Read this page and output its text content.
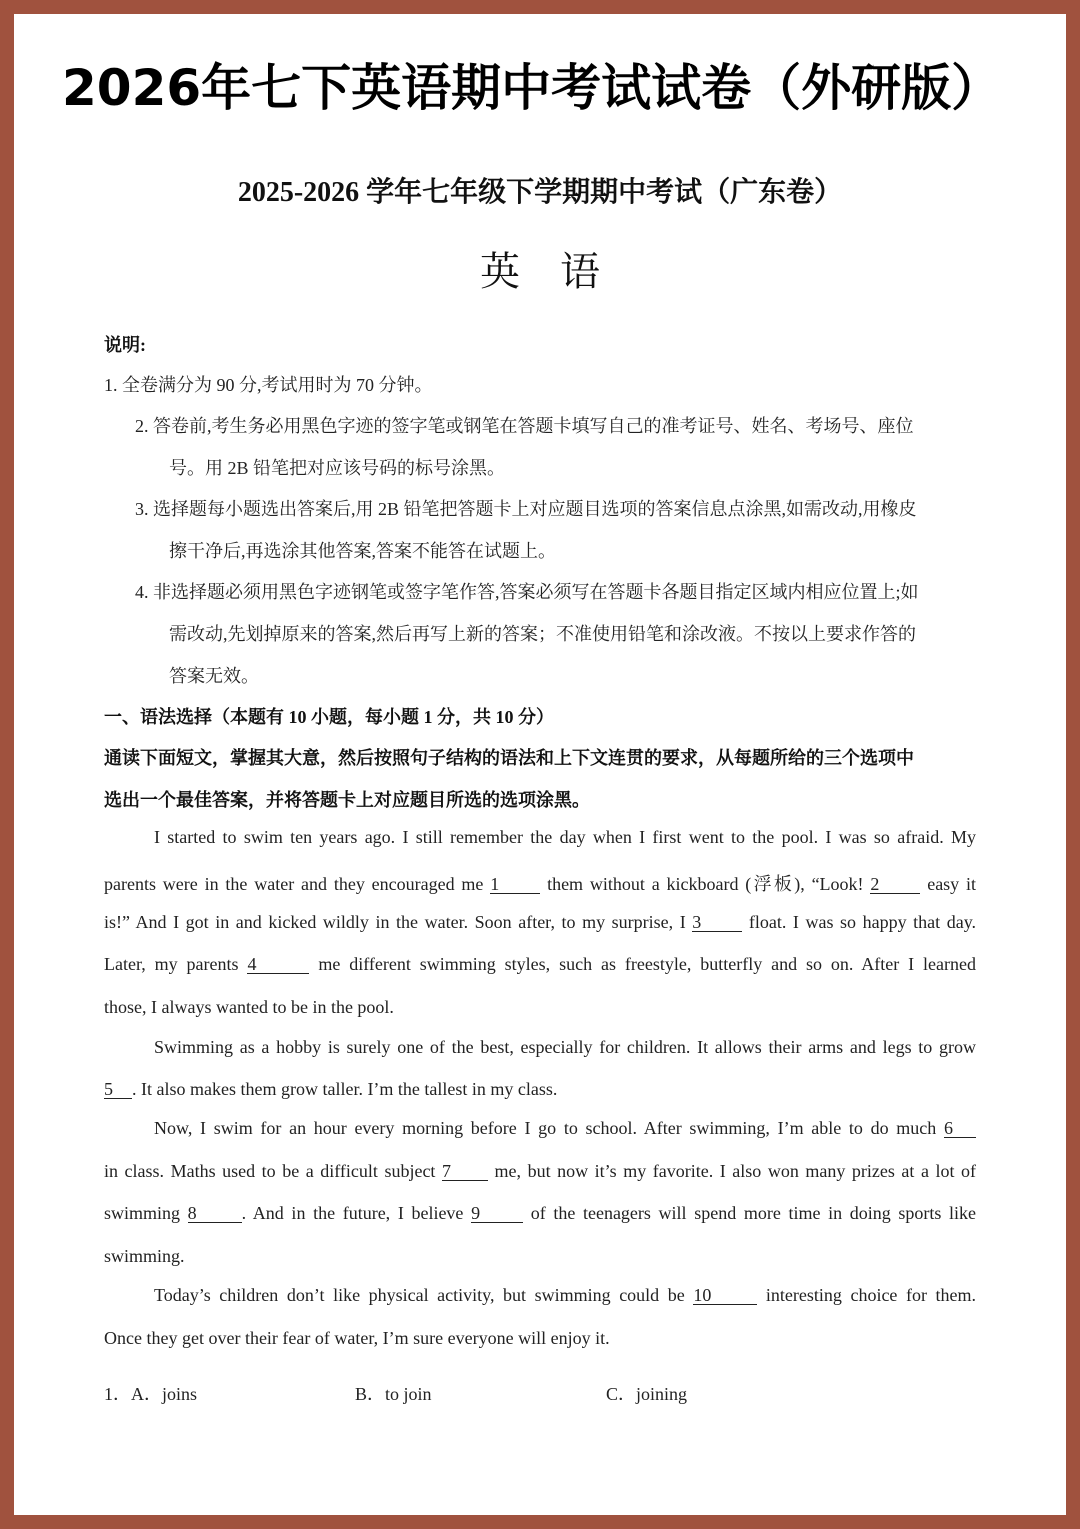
2026年七下英语期中考试试卷（外研版）
2025-2026 学年七年级下学期期中考试（广东卷）
英语
说明:
1. 全卷满分为 90 分,考试用时为 70 分钟。
2. 答卷前,考生务必用黑色字迹的签字笔或钢笔在答题卡填写自己的准考证号、姓名、考场号、座位
号。用 2B 铅笔把对应该号码的标号涂黑。
3. 选择题每小题选出答案后,用 2B 铅笔把答题卡上对应题目选项的答案信息点涂黑,如需改动,用橡皮
擦干净后,再选涂其他答案,答案不能答在试题上。
4. 非选择题必须用黑色字迹钢笔或签字笔作答,答案必须写在答题卡各题目指定区域内相应位置上;如
需改动,先划掉原来的答案,然后再写上新的答案；不准使用铅笔和涂改液。不按以上要求作答的
答案无效。
一、语法选择（本题有 10 小题，每小题 1 分，共 10 分）
通读下面短文，掌握其大意，然后按照句子结构的语法和上下文连贯的要求，从每题所给的三个选项中
选出一个最佳答案，并将答题卡上对应题目所选的选项涂黑。
I started to swim ten years ago. I still remember the day when I first went to the pool. I was so afraid. My
parents were in the water and they encouraged me 1	them without a kickboard (浮板), “Look! 2	easy it
is!” And I got in and kicked wildly in the water. Soon after, to my surprise, I 3	float. I was so happy that day.
Later, my parents 4	me different swimming styles, such as freestyle, butterfly and so on. After I learned
those, I always wanted to be in the pool.
Swimming as a hobby is surely one of the best, especially for children. It allows their arms and legs to grow
5 . It also makes them grow taller. I’m the tallest in my class.
Now, I swim for an hour every morning before I go to school. After swimming, I’m able to do much 6
in class. Maths used to be a difficult subject 7 me, but now it’s my favorite. I also won many prizes at a lot of
swimming 8	. And in the future, I believe 9	of the teenagers will spend more time in doing sports like
swimming.
Today’s children don’t like physical activity, but swimming could be 10	interesting choice for them.
Once they get over their fear of water, I’m sure everyone will enjoy it.
1．A．joins	B．to join	C．joining
